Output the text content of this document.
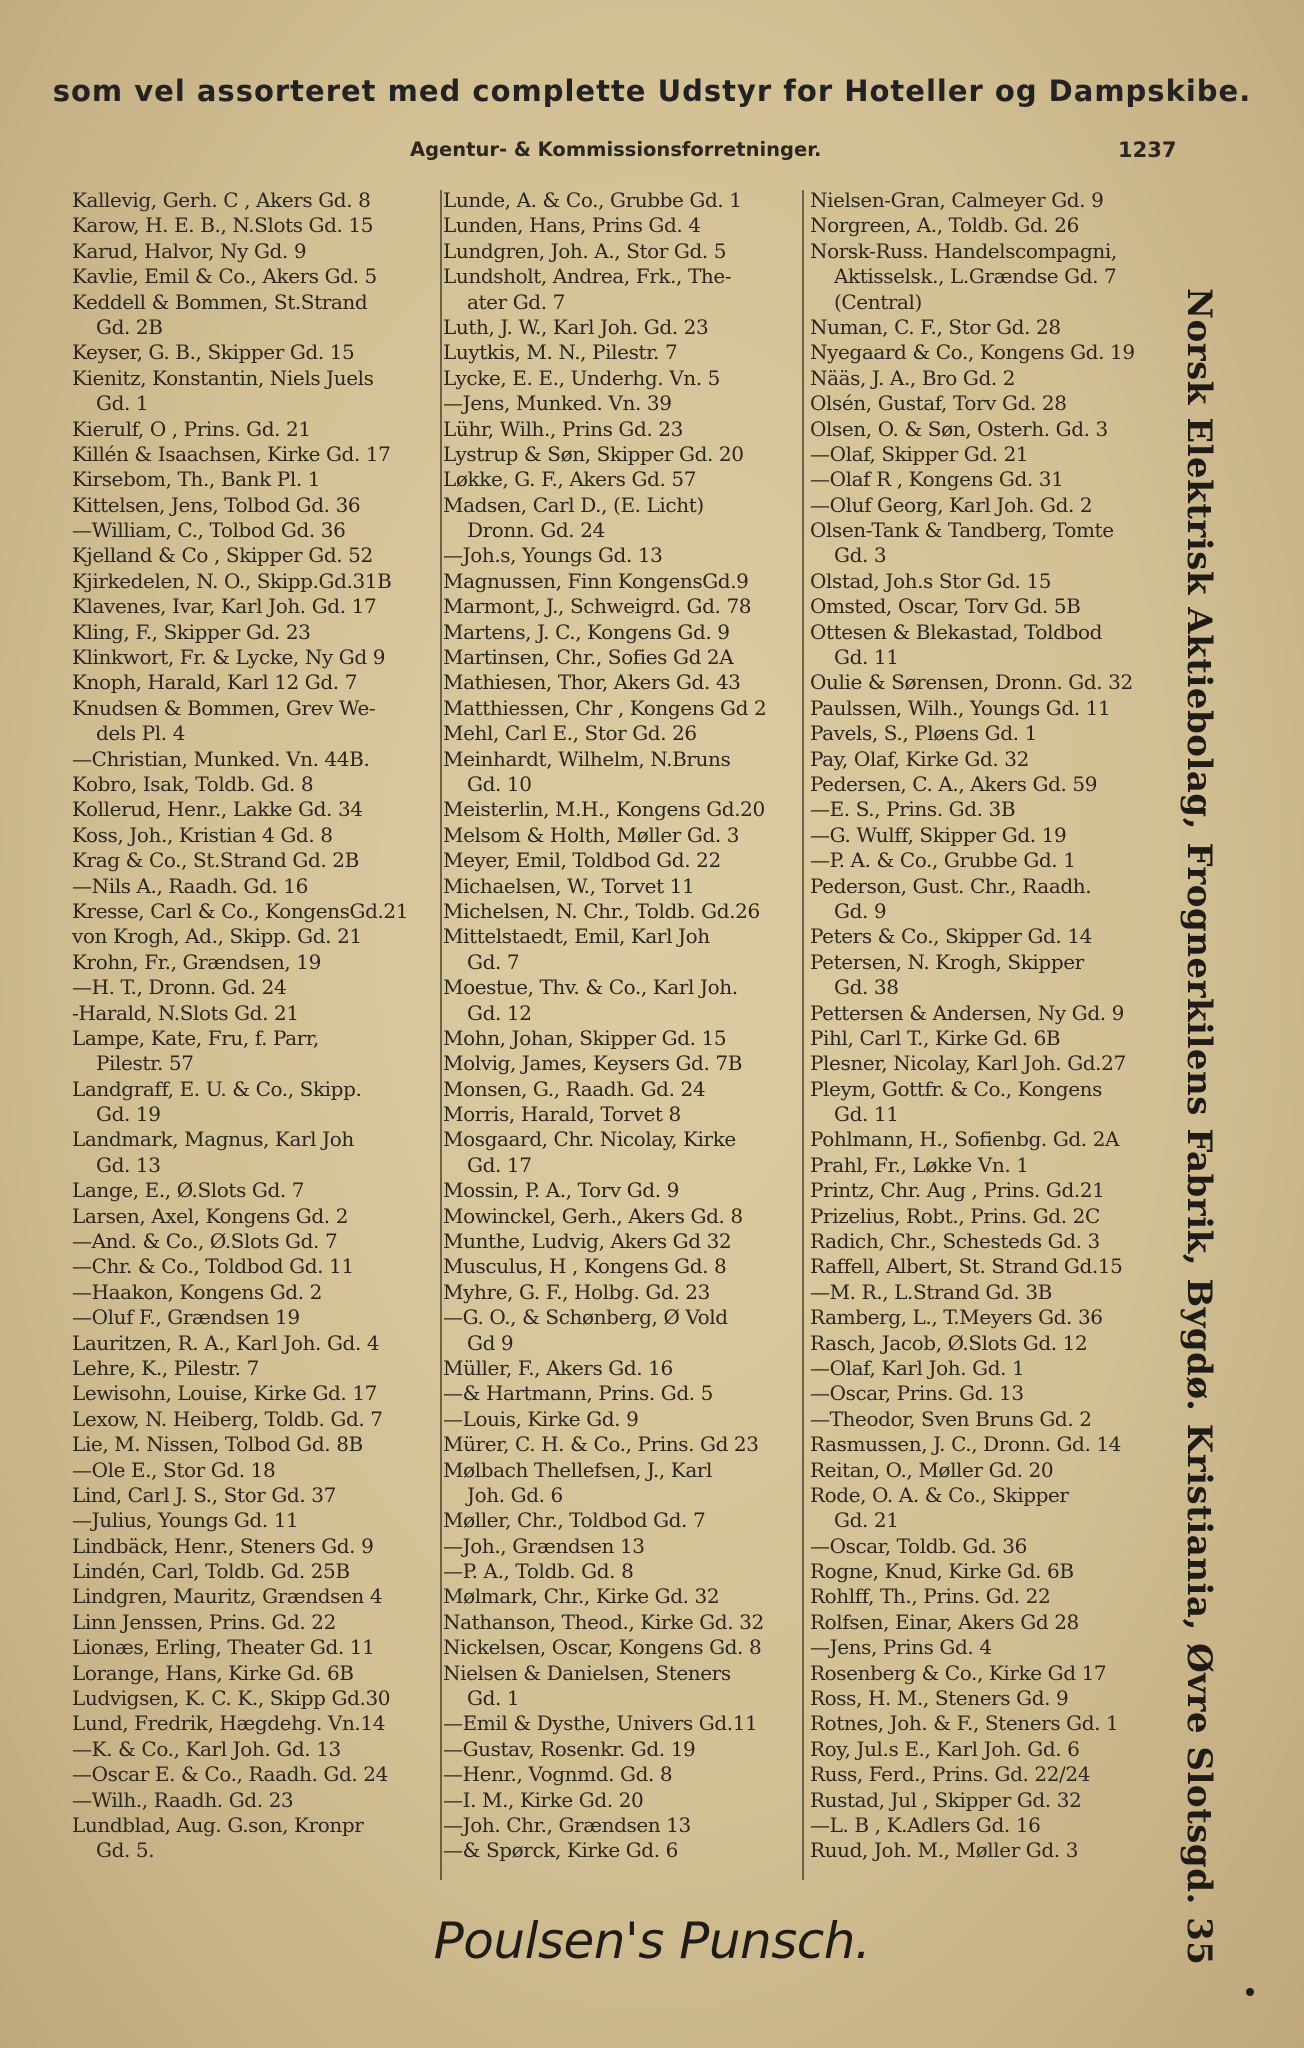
som vel assorteret med complette Udstyr for Hoteller og Dampskibe.
Agentur- & Kommissionsforretninger.	1237
Kallevig, Gerh. C , Akers Gd. 8
Karow, H. E. B., N.Slots Gd. 15
Karud, Halvor, Ny Gd. 9
Kavlie, Emil & Co., Akers Gd. 5
Keddell & Bommen, St.Strand
Gd. 2B
Keyser, G. B., Skipper Gd. 15
Kienitz, Konstantin, Niels Juels
Gd. 1
Kierulf, O , Prins. Gd. 21
Killén & Isaachsen, Kirke Gd. 17
Kirsebom, Th., Bank Pl. 1
Kittelsen, Jens, Tolbod Gd. 36
—William, C., Tolbod Gd. 36
Kjelland & Co , Skipper Gd. 52
Kjirkedelen, N. O., Skipp.Gd.31B
Klavenes, Ivar, Karl Joh. Gd. 17
Kling, F., Skipper Gd. 23
Klinkwort, Fr. & Lycke, Ny Gd 9
Knoph, Harald, Karl 12 Gd. 7
Knudsen & Bommen, Grev We-
dels Pl. 4
—Christian, Munked. Vn. 44B.
Kobro, Isak, Toldb. Gd. 8
Kollerud, Henr., Lakke Gd. 34
Koss, Joh., Kristian 4 Gd. 8
Krag & Co., St.Strand Gd. 2B
—Nils A., Raadh. Gd. 16
Kresse, Carl & Co., KongensGd.21
von Krogh, Ad., Skipp. Gd. 21
Krohn, Fr., Grændsen, 19
—H. T., Dronn. Gd. 24
-Harald, N.Slots Gd. 21
Lampe, Kate, Fru, f. Parr,
Pilestr. 57
Landgraff, E. U. & Co., Skipp.
Gd. 19
Landmark, Magnus, Karl Joh
Gd. 13
Lange, E., Ø.Slots Gd. 7
Larsen, Axel, Kongens Gd. 2
—And. & Co., Ø.Slots Gd. 7
—Chr. & Co., Toldbod Gd. 11
—Haakon, Kongens Gd. 2
—Oluf F., Grændsen 19
Lauritzen, R. A., Karl Joh. Gd. 4
Lehre, K., Pilestr. 7
Lewisohn, Louise, Kirke Gd. 17
Lexow, N. Heiberg, Toldb. Gd. 7
Lie, M. Nissen, Tolbod Gd. 8B
—Ole E., Stor Gd. 18
Lind, Carl J. S., Stor Gd. 37
—Julius, Youngs Gd. 11
Lindbäck, Henr., Steners Gd. 9
Lindén, Carl, Toldb. Gd. 25B
Lindgren, Mauritz, Grændsen 4
Linn Jenssen, Prins. Gd. 22
Lionæs, Erling, Theater Gd. 11
Lorange, Hans, Kirke Gd. 6B
Ludvigsen, K. C. K., Skipp Gd.30
Lund, Fredrik, Hægdehg. Vn.14
—K. & Co., Karl Joh. Gd. 13
—Oscar E. & Co., Raadh. Gd. 24
—Wilh., Raadh. Gd. 23
Lundblad, Aug. G.son, Kronpr
Gd. 5.
Lunde, A. & Co., Grubbe Gd. 1
Lunden, Hans, Prins Gd. 4
Lundgren, Joh. A., Stor Gd. 5
Lundsholt, Andrea, Frk., The-
ater Gd. 7
Luth, J. W., Karl Joh. Gd. 23
Luytkis, M. N., Pilestr. 7
Lycke, E. E., Underhg. Vn. 5
—Jens, Munked. Vn. 39
Lühr, Wilh., Prins Gd. 23
Lystrup & Søn, Skipper Gd. 20
Løkke, G. F., Akers Gd. 57
Madsen, Carl D., (E. Licht)
Dronn. Gd. 24
—Joh.s, Youngs Gd. 13
Magnussen, Finn KongensGd.9
Marmont, J., Schweigrd. Gd. 78
Martens, J. C., Kongens Gd. 9
Martinsen, Chr., Sofies Gd 2A
Mathiesen, Thor, Akers Gd. 43
Matthiessen, Chr , Kongens Gd 2
Mehl, Carl E., Stor Gd. 26
Meinhardt, Wilhelm, N.Bruns
Gd. 10
Meisterlin, M.H., Kongens Gd.20
Melsom & Holth, Møller Gd. 3
Meyer, Emil, Toldbod Gd. 22
Michaelsen, W., Torvet 11
Michelsen, N. Chr., Toldb. Gd.26
Mittelstaedt, Emil, Karl Joh
Gd. 7
Moestue, Thv. & Co., Karl Joh.
Gd. 12
Mohn, Johan, Skipper Gd. 15
Molvig, James, Keysers Gd. 7B
Monsen, G., Raadh. Gd. 24
Morris, Harald, Torvet 8
Mosgaard, Chr. Nicolay, Kirke
Gd. 17
Mossin, P. A., Torv Gd. 9
Mowinckel, Gerh., Akers Gd. 8
Munthe, Ludvig, Akers Gd 32
Musculus, H , Kongens Gd. 8
Myhre, G. F., Holbg. Gd. 23
—G. O., & Schønberg, Ø Vold
Gd 9
Müller, F., Akers Gd. 16
—& Hartmann, Prins. Gd. 5
—Louis, Kirke Gd. 9
Mürer, C. H. & Co., Prins. Gd 23
Mølbach Thellefsen, J., Karl
Joh. Gd. 6
Møller, Chr., Toldbod Gd. 7
—Joh., Grændsen 13
—P. A., Toldb. Gd. 8
Mølmark, Chr., Kirke Gd. 32
Nathanson, Theod., Kirke Gd. 32
Nickelsen, Oscar, Kongens Gd. 8
Nielsen & Danielsen, Steners
Gd. 1
—Emil & Dysthe, Univers Gd.11
—Gustav, Rosenkr. Gd. 19
—Henr., Vognmd. Gd. 8
—I. M., Kirke Gd. 20
—Joh. Chr., Grændsen 13
—& Spørck, Kirke Gd. 6
Nielsen-Gran, Calmeyer Gd. 9
Norgreen, A., Toldb. Gd. 26
Norsk-Russ. Handelscompagni,
Aktisselsk., L.Grændse Gd. 7
(Central)
Numan, C. F., Stor Gd. 28
Nyegaard & Co., Kongens Gd. 19
Nääs, J. A., Bro Gd. 2
Olsén, Gustaf, Torv Gd. 28
Olsen, O. & Søn, Osterh. Gd. 3
—Olaf, Skipper Gd. 21
—Olaf R , Kongens Gd. 31
—Oluf Georg, Karl Joh. Gd. 2
Olsen-Tank & Tandberg, Tomte
Gd. 3
Olstad, Joh.s Stor Gd. 15
Omsted, Oscar, Torv Gd. 5B
Ottesen & Blekastad, Toldbod
Gd. 11
Oulie & Sørensen, Dronn. Gd. 32
Paulssen, Wilh., Youngs Gd. 11
Pavels, S., Pløens Gd. 1
Pay, Olaf, Kirke Gd. 32
Pedersen, C. A., Akers Gd. 59
—E. S., Prins. Gd. 3B
—G. Wulff, Skipper Gd. 19
—P. A. & Co., Grubbe Gd. 1
Pederson, Gust. Chr., Raadh.
Gd. 9
Peters & Co., Skipper Gd. 14
Petersen, N. Krogh, Skipper
Gd. 38
Pettersen & Andersen, Ny Gd. 9
Pihl, Carl T., Kirke Gd. 6B
Plesner, Nicolay, Karl Joh. Gd.27
Pleym, Gottfr. & Co., Kongens
Gd. 11
Pohlmann, H., Sofienbg. Gd. 2A
Prahl, Fr., Løkke Vn. 1
Printz, Chr. Aug , Prins. Gd.21
Prizelius, Robt., Prins. Gd. 2C
Radich, Chr., Schesteds Gd. 3
Raffell, Albert, St. Strand Gd.15
—M. R., L.Strand Gd. 3B
Ramberg, L., T.Meyers Gd. 36
Rasch, Jacob, Ø.Slots Gd. 12
—Olaf, Karl Joh. Gd. 1
—Oscar, Prins. Gd. 13
—Theodor, Sven Bruns Gd. 2
Rasmussen, J. C., Dronn. Gd. 14
Reitan, O., Møller Gd. 20
Rode, O. A. & Co., Skipper
Gd. 21
—Oscar, Toldb. Gd. 36
Rogne, Knud, Kirke Gd. 6B
Rohlff, Th., Prins. Gd. 22
Rolfsen, Einar, Akers Gd 28
—Jens, Prins Gd. 4
Rosenberg & Co., Kirke Gd 17
Ross, H. M., Steners Gd. 9
Rotnes, Joh. & F., Steners Gd. 1
Roy, Jul.s E., Karl Joh. Gd. 6
Russ, Ferd., Prins. Gd. 22/24
Rustad, Jul , Skipper Gd. 32
—L. B , K.Adlers Gd. 16
Ruud, Joh. M., Møller Gd. 3	Norsk Elektrisk Aktiebolag, Frognerkilens Fabrik, Bygdø. Kristiania, Øvre Slotsgd. 35
Poulsen's Punsch.
